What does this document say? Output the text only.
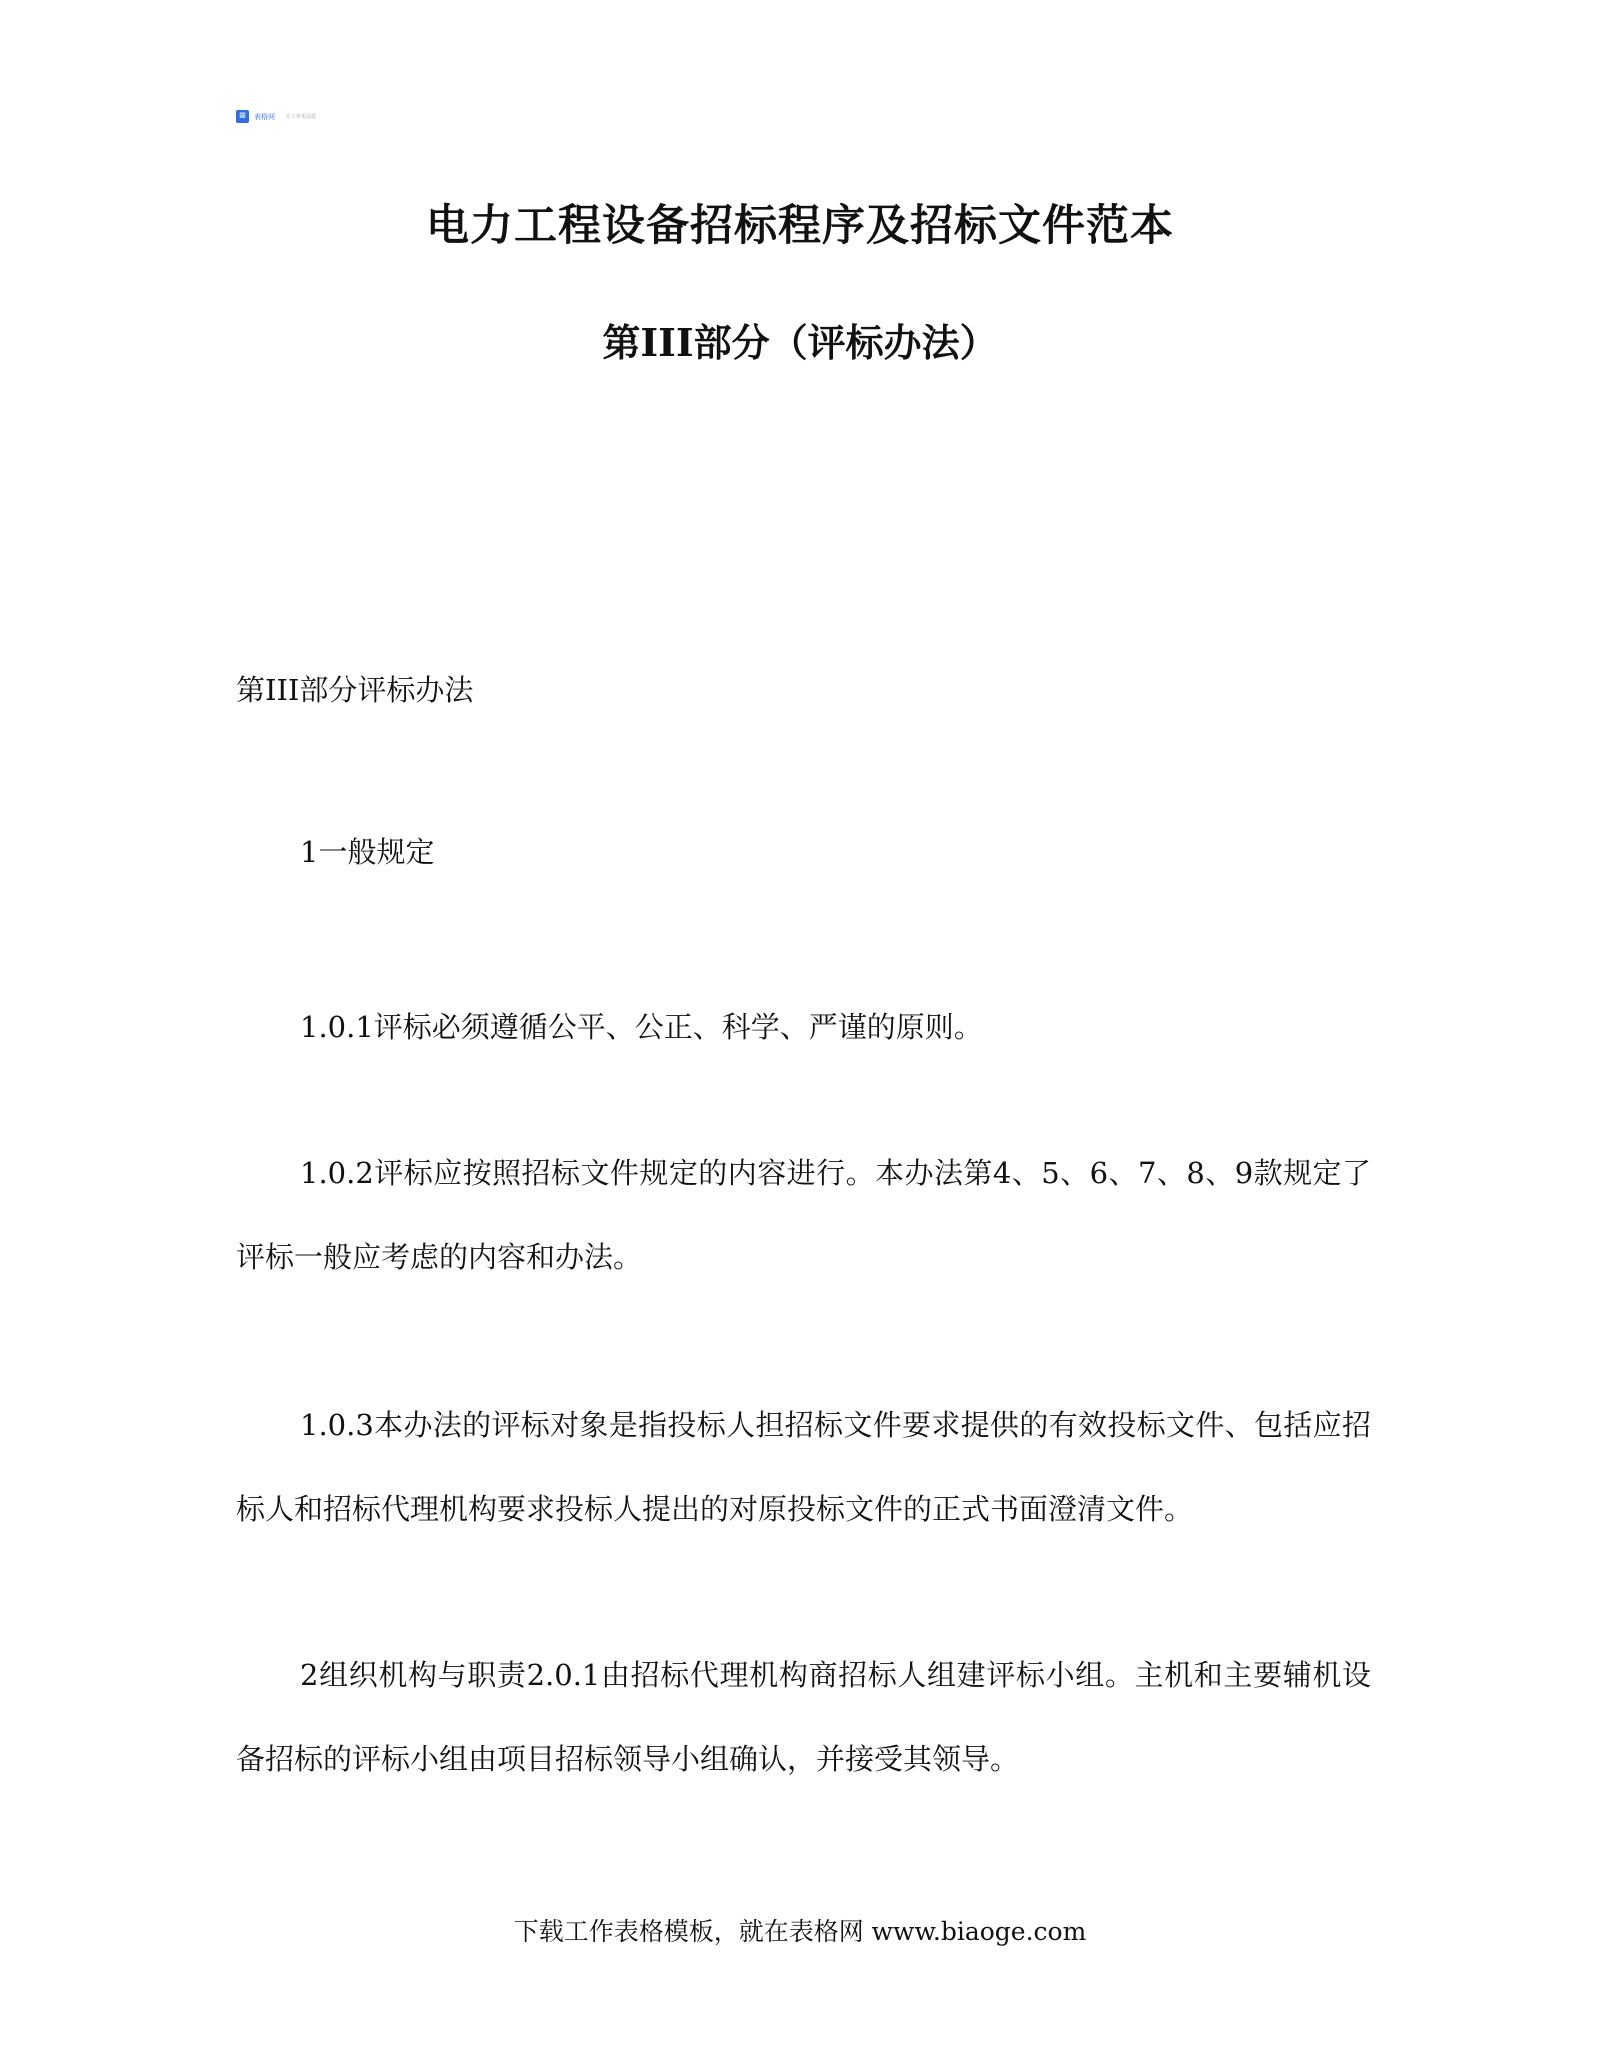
≡	表格网 让工作更高效
电力工程设备招标程序及招标文件范本
第III部分（评标办法）

第III部分评标办法

1一般规定

1.0.1评标必须遵循公平、公正、科学、严谨的原则。

1.0.2评标应按照招标文件规定的内容进行。本办法第4、5、6、7、8、9款规定了评标一般应考虑的内容和办法。

1.0.3本办法的评标对象是指投标人担招标文件要求提供的有效投标文件、包括应招标人和招标代理机构要求投标人提出的对原投标文件的正式书面澄清文件。

2组织机构与职责2.0.1由招标代理机构商招标人组建评标小组。主机和主要辅机设备招标的评标小组由项目招标领导小组确认，并接受其领导。

下载工作表格模板，就在表格网 www.biaoge.com
